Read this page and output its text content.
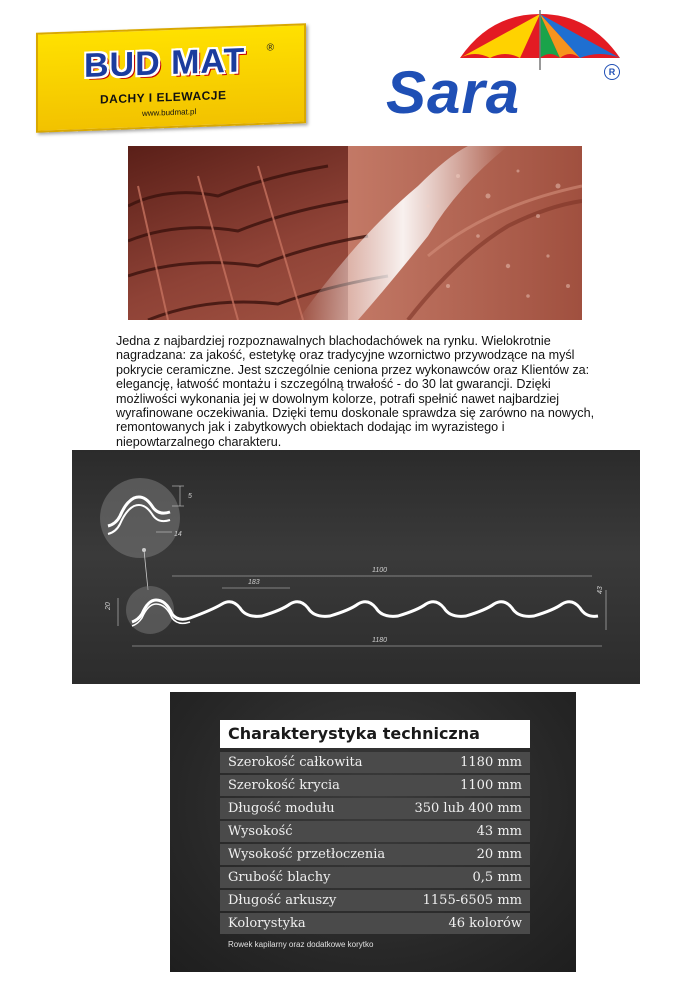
BUD MAT ®
DACHY I ELEWACJE
www.budmat.pl	Sara	R

Jedna z najbardziej rozpoznawalnych blachodachówek na rynku. Wielokrotnie nagradzana: za jakość, estetykę oraz tradycyjne wzornictwo przywodzące na myśl pokrycie ceramiczne. Jest szczególnie ceniona przez wykonawców oraz Klientów za: elegancję, łatwość montażu i szczególną trwałość - do 30 lat gwarancji. Dzięki możliwości wykonania jej w dowolnym kolorze, potrafi spełnić nawet najbardziej wyrafinowane oczekiwania. Dzięki temu doskonale sprawdza się zarówno na nowych, remontowanych jak i zabytkowych obiektach dodając im wyrazistego i niepowtarzalnego charakteru.

5
14
20
183
1100
43
1180
Charakterystyka techniczna
Szerokość całkowita	1180 mm
Szerokość krycia	1100 mm
Długość modułu	350 lub 400 mm
Wysokość	43 mm
Wysokość przetłoczenia	20 mm
Grubość blachy	0,5 mm
Długość arkuszy	1155-6505 mm
Kolorystyka	46 kolorów
Rowek kapilarny oraz dodatkowe korytko
